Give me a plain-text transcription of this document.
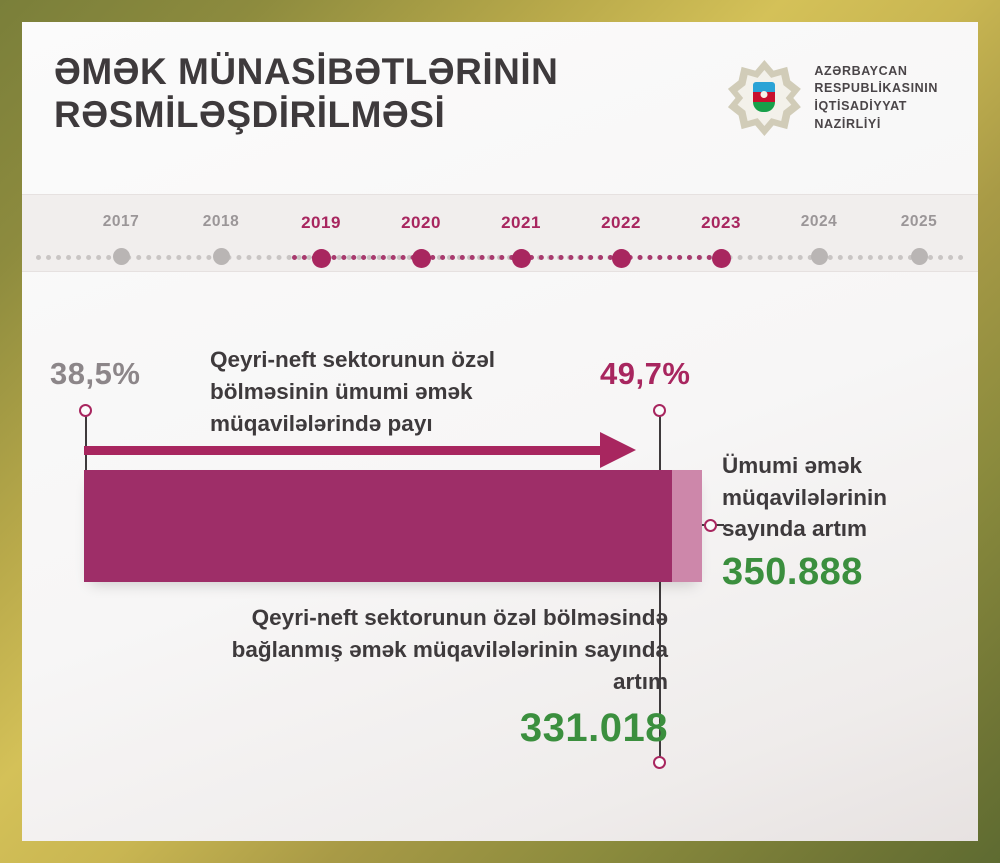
ƏMƏK MÜNASİBƏTLƏRİNİN
RƏSMİLƏŞDİRİLMƏSİ
AZƏRBAYCAN
RESPUBLİKASININ
İQTİSADİYYAT
NAZİRLİYİ
2017	2018	2019	2020	2021	2022	2023	2024	2025
38,5%	49,7%
Qeyri-neft sektorunun özəl bölməsinin ümumi əmək müqavilələrində payı
Ümumi əmək müqavilələrinin sayında artım
350.888
Qeyri-neft sektorunun özəl bölməsində bağlanmış əmək müqavilələrinin sayında artım
331.018
